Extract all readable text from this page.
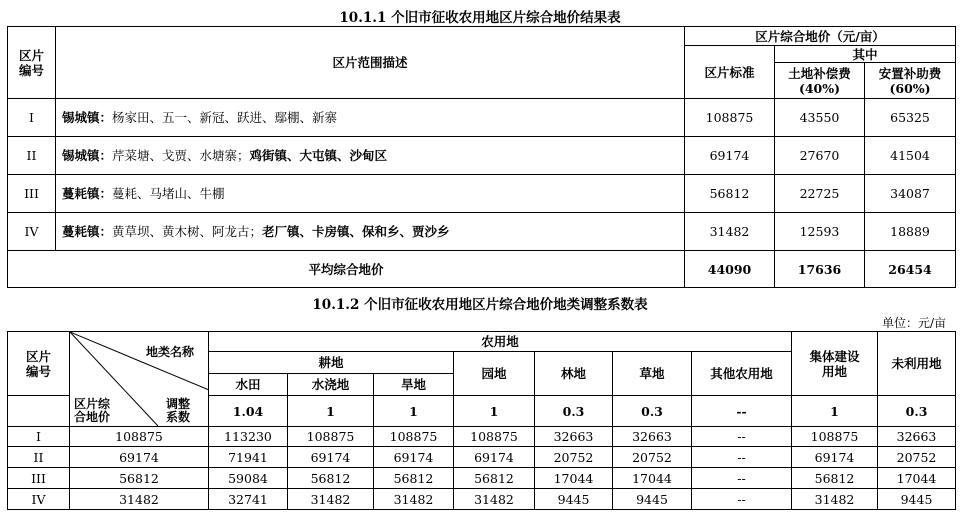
10.1.1 个旧市征收农用地区片综合地价结果表
区片
编号	区片范围描述	区片综合地价（元/亩）		
		区片标准	其中	
			土地补偿费
(40%)	安置补助费
(60%)
I	锡城镇：杨家田、五一、新冠、跃进、鄢棚、新寨	108875	43550	65325
II	锡城镇：芹菜塘、戈贾、水塘寨；鸡街镇、大屯镇、沙甸区	69174	27670	41504
III	蔓耗镇：蔓耗、马堵山、牛棚	56812	22725	34087
IV	蔓耗镇：黄草坝、黄木树、阿龙古；老厂镇、卡房镇、保和乡、贾沙乡	31482	12593	18889
平均综合地价		44090	17636	26454
10.1.2 个旧市征收农用地区片综合地价地类调整系数表
单位：元/亩
区片
编号	地类名称
区片综
合地价
调整
系数	农用地							集体建设
用地	未利用地
		耕地			园地	林地	草地	其他农用地		
		水田	水浇地	旱地						
		1.04	1	1	1	0.3	0.3	--	1	0.3
I	108875	113230	108875	108875	108875	32663	32663	--	108875	32663
II	69174	71941	69174	69174	69174	20752	20752	--	69174	20752
III	56812	59084	56812	56812	56812	17044	17044	--	56812	17044
IV	31482	32741	31482	31482	31482	9445	9445	--	31482	9445
